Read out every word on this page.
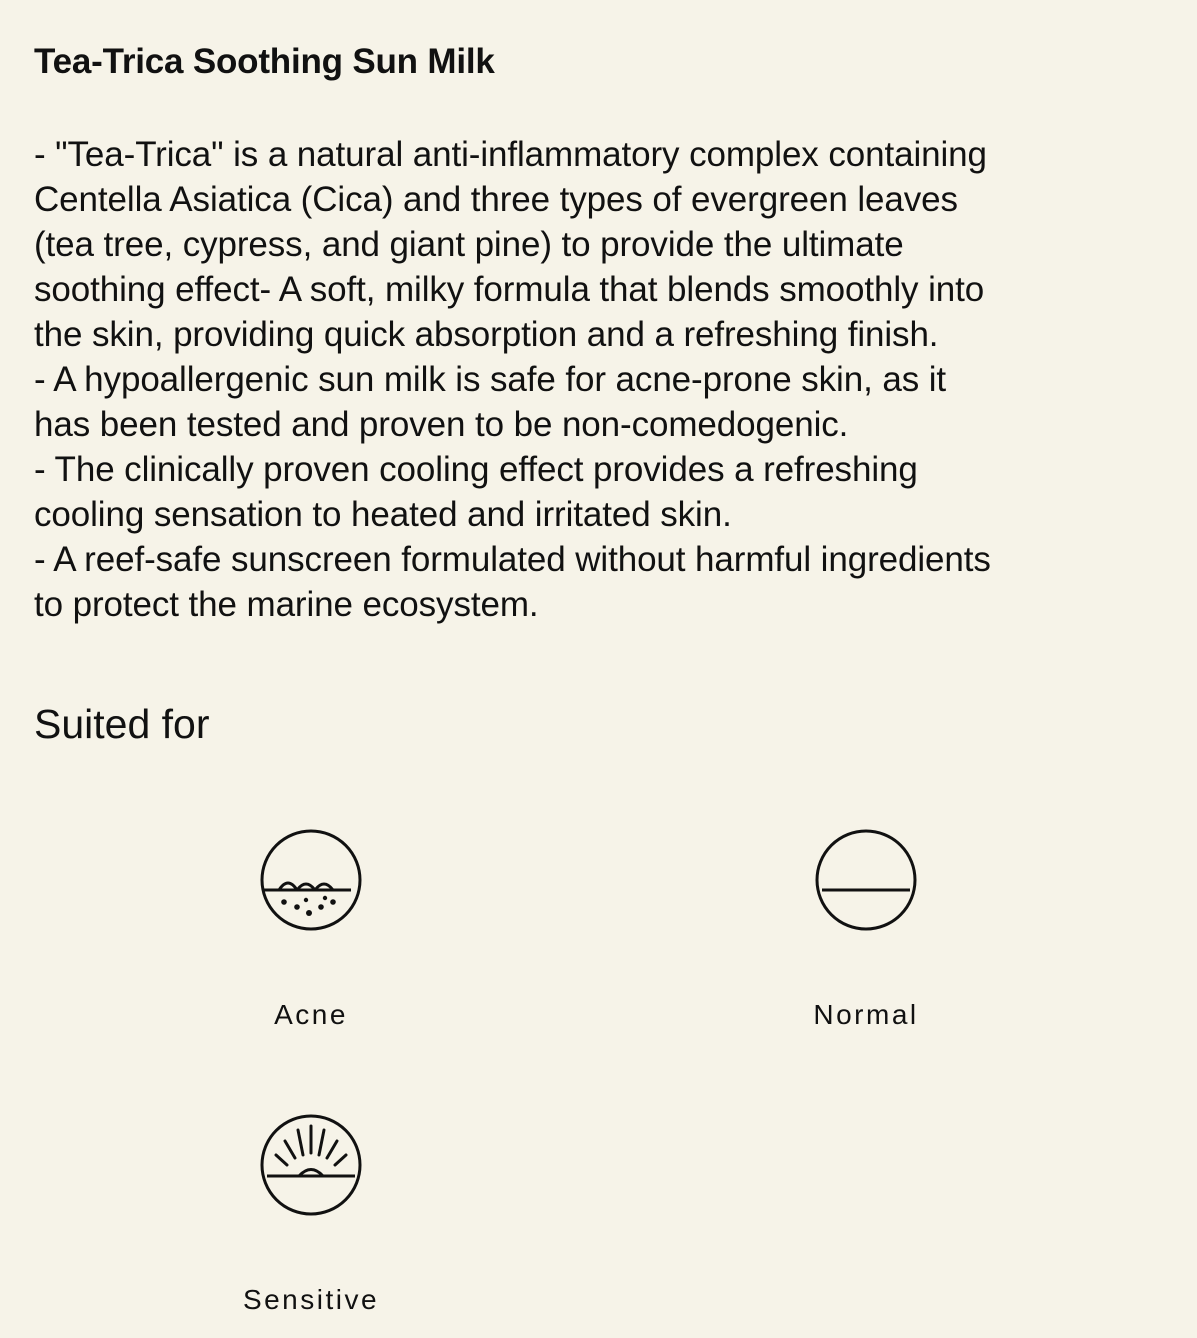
Tea-Trica Soothing Sun Milk
- "Tea-Trica" is a natural anti-inflammatory complex containing
Centella Asiatica (Cica) and three types of evergreen leaves
(tea tree, cypress, and giant pine) to provide the ultimate
soothing effect- A soft, milky formula that blends smoothly into
the skin, providing quick absorption and a refreshing finish.
- A hypoallergenic sun milk is safe for acne-prone skin, as it
has been tested and proven to be non-comedogenic.
- The clinically proven cooling effect provides a refreshing
cooling sensation to heated and irritated skin.
- A reef-safe sunscreen formulated without harmful ingredients
to protect the marine ecosystem.
Suited for
Acne	Normal
Sensitive
